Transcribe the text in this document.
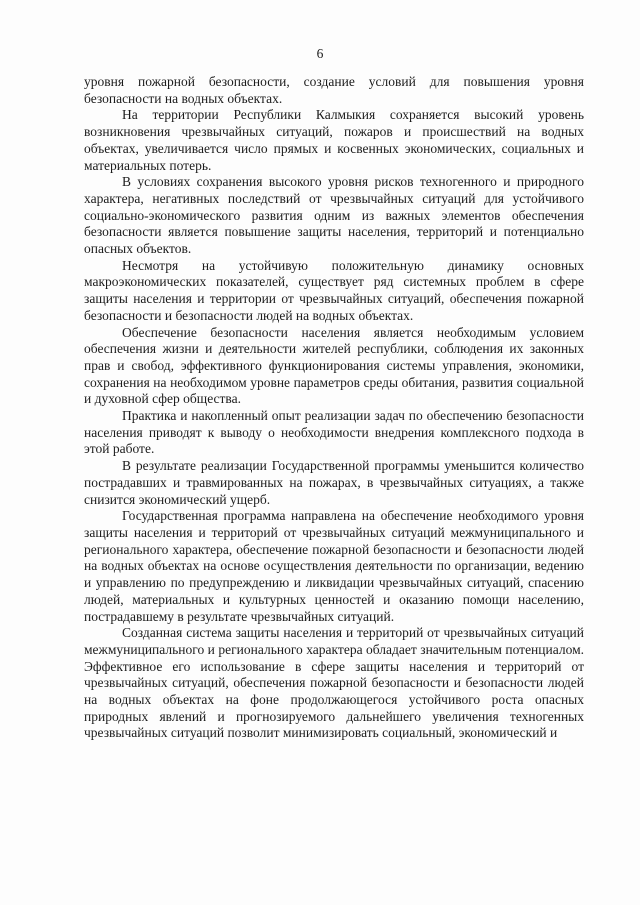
6

уровня пожарной безопасности, создание условий для повышения уровня безопасности на водных объектах.

На территории Республики Калмыкия сохраняется высокий уровень возникновения чрезвычайных ситуаций, пожаров и происшествий на водных объектах, увеличивается число прямых и косвенных экономических, социальных и материальных потерь.

В условиях сохранения высокого уровня рисков техногенного и природного характера, негативных последствий от чрезвычайных ситуаций для устойчивого социально-экономического развития одним из важных элементов обеспечения безопасности является повышение защиты населения, территорий и потенциально опасных объектов.

Несмотря на устойчивую положительную динамику основных макроэкономических показателей, существует ряд системных проблем в сфере защиты населения и территории от чрезвычайных ситуаций, обеспечения пожарной безопасности и безопасности людей на водных объектах.

Обеспечение безопасности населения является необходимым условием обеспечения жизни и деятельности жителей республики, соблюдения их законных прав и свобод, эффективного функционирования системы управления, экономики, сохранения на необходимом уровне параметров среды обитания, развития социальной и духовной сфер общества.

Практика и накопленный опыт реализации задач по обеспечению безопасности населения приводят к выводу о необходимости внедрения комплексного подхода в этой работе.

В результате реализации Государственной программы уменьшится количество пострадавших и травмированных на пожарах, в чрезвычайных ситуациях, а также снизится экономический ущерб.

Государственная программа направлена на обеспечение необходимого уровня защиты населения и территорий от чрезвычайных ситуаций межмуниципального и регионального характера, обеспечение пожарной безопасности и безопасности людей на водных объектах на основе осуществления деятельности по организации, ведению и управлению по предупреждению и ликвидации чрезвычайных ситуаций, спасению людей, материальных и культурных ценностей и оказанию помощи населению, пострадавшему в результате чрезвычайных ситуаций.

Созданная система защиты населения и территорий от чрезвычайных ситуаций межмуниципального и регионального характера обладает значительным потенциалом. Эффективное его использование в сфере защиты населения и территорий от чрезвычайных ситуаций, обеспечения пожарной безопасности и безопасности людей на водных объектах на фоне продолжающегося устойчивого роста опасных природных явлений и прогнозируемого дальнейшего увеличения техногенных чрезвычайных ситуаций позволит минимизировать социальный, экономический и
